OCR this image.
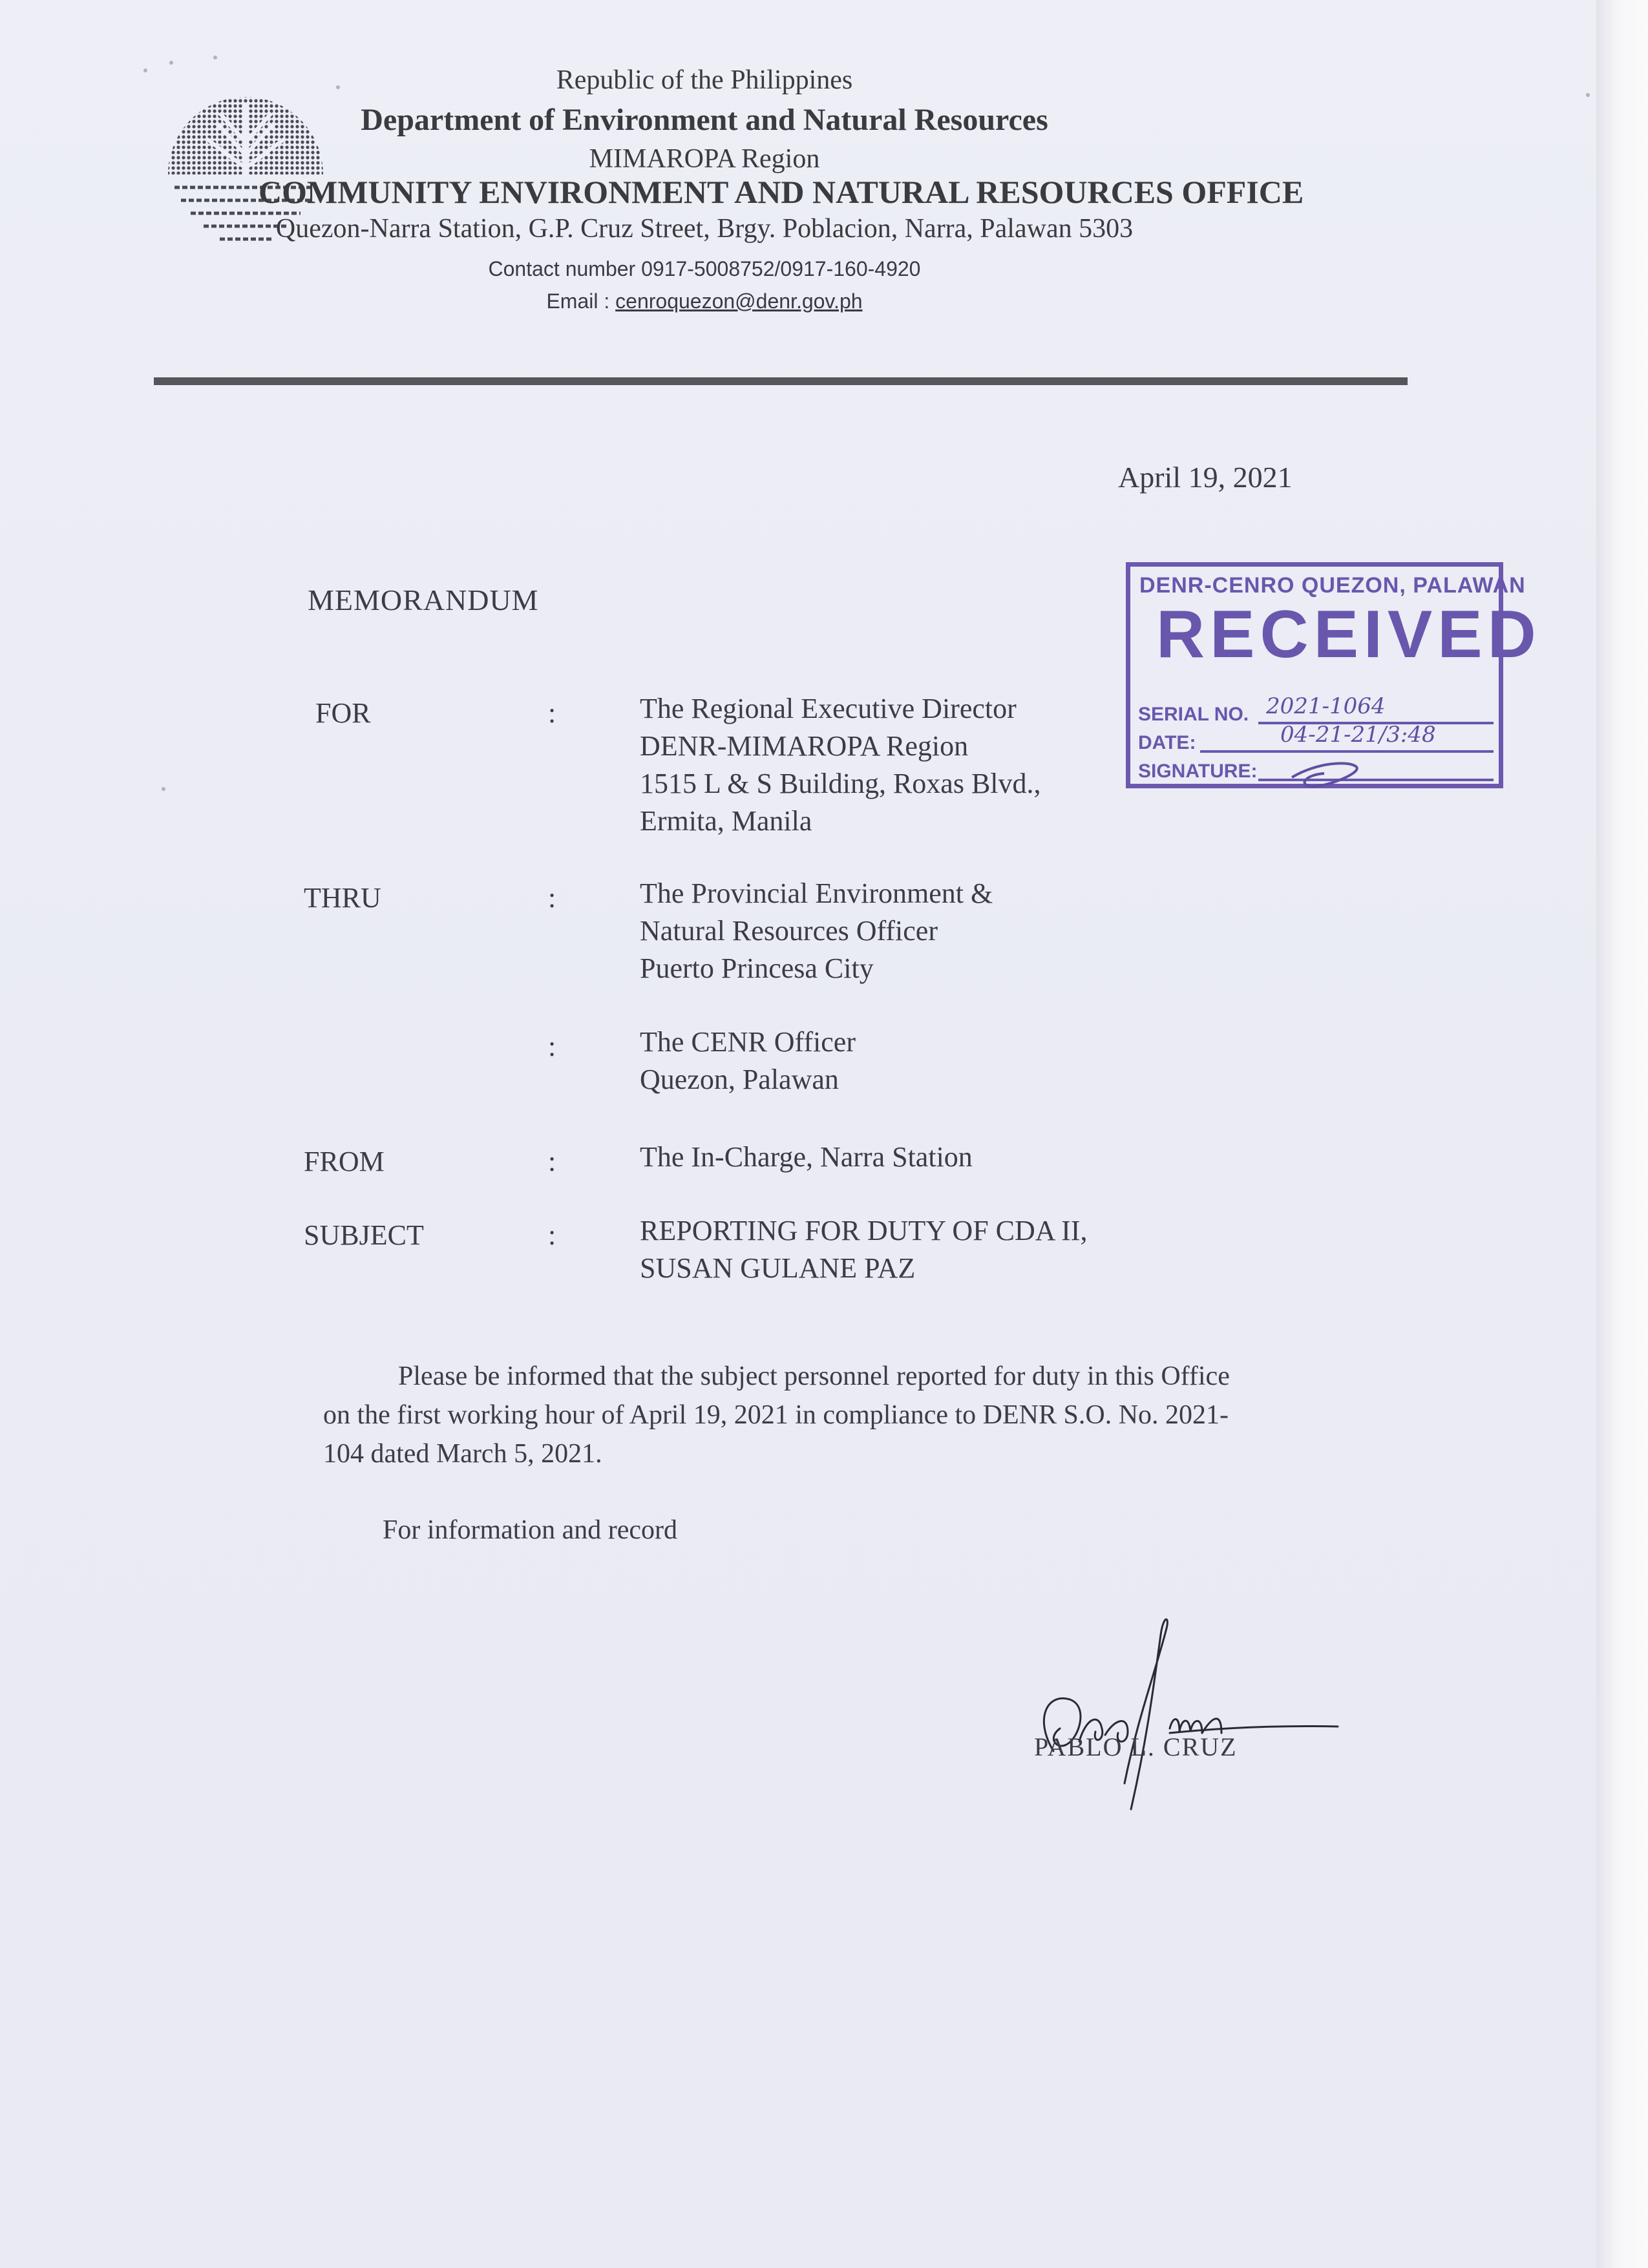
Republic of the Philippines
Department of Environment and Natural Resources
MIMAROPA Region
COMMUNITY ENVIRONMENT AND NATURAL RESOURCES OFFICE
Quezon-Narra Station, G.P. Cruz Street, Brgy. Poblacion, Narra, Palawan 5303
Contact number 0917-5008752/0917-160-4920
Email : cenroquezon@denr.gov.ph
April 19, 2021
MEMORANDUM	DENR-CENRO QUEZON, PALAWAN
RECEIVED
SERIAL NO. 2021-1064
DATE:	04-21-21/3:48
SIGNATURE:
FOR	:	The Regional Executive Director
DENR-MIMAROPA Region
1515 L & S Building, Roxas Blvd.,
Ermita, Manila
THRU	:	The Provincial Environment &
Natural Resources Officer
Puerto Princesa City
:	The CENR Officer
Quezon, Palawan
FROM	:	The In-Charge, Narra Station
SUBJECT	:	REPORTING FOR DUTY OF CDA II,
SUSAN GULANE PAZ
Please be informed that the subject personnel reported for duty in this Office
on the first working hour of April 19, 2021 in compliance to DENR S.O. No. 2021-
104 dated March 5, 2021.
For information and record
PABLO L. CRUZ
